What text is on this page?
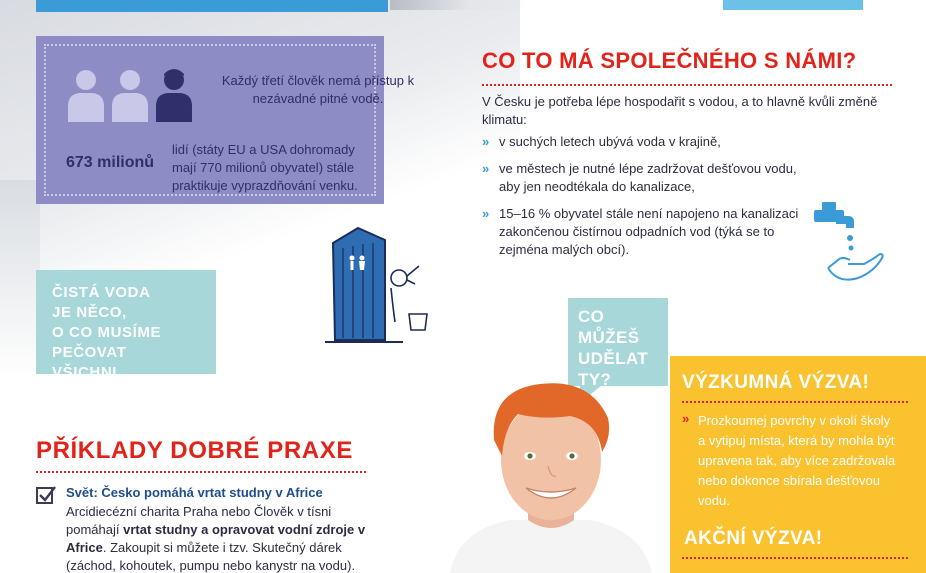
Každý třetí člověk nemá přístup k nezávadné pitné vodě.
673 milionů
lidí (státy EU a USA dohromady mají 770 milionů obyvatel) stále praktikuje vyprazdňování venku.
ČISTÁ VODA
JE NĚCO,
O CO MUSÍME
PEČOVAT VŠICHNI.
CO TO MÁ SPOLEČNÉHO S NÁMI?
V Česku je potřeba lépe hospodařit s vodou, a to hlavně kvůli změně klimatu:
» v suchých letech ubývá voda v krajině,
» ve městech je nutné lépe zadržovat dešťovou vodu, aby jen neodtékala do kanalizace,
» 15–16 % obyvatel stále není napojeno na kanalizaci zakončenou čistírnou odpadních vod (týká se to zejména malých obcí).
CO MŮŽEŠ
UDĚLAT
TY?	VÝZKUMNÁ VÝZVA!
» Prozkoumej povrchy v okolí školy a vytipuj místa, která by mohla být upravena tak, aby více zadržovala nebo dokonce sbírala dešťovou vodu.
AKČNÍ VÝZVA!
PŘÍKLADY DOBRÉ PRAXE
Svět: Česko pomáhá vrtat studny v Africe
Arcidiecézní charita Praha nebo Člověk v tísni pomáhají vrtat studny a opravovat vodní zdroje v Africe. Zakoupit si můžete i tzv. Skutečný dárek (záchod, kohoutek, pumpu nebo kanystr na vodu).
